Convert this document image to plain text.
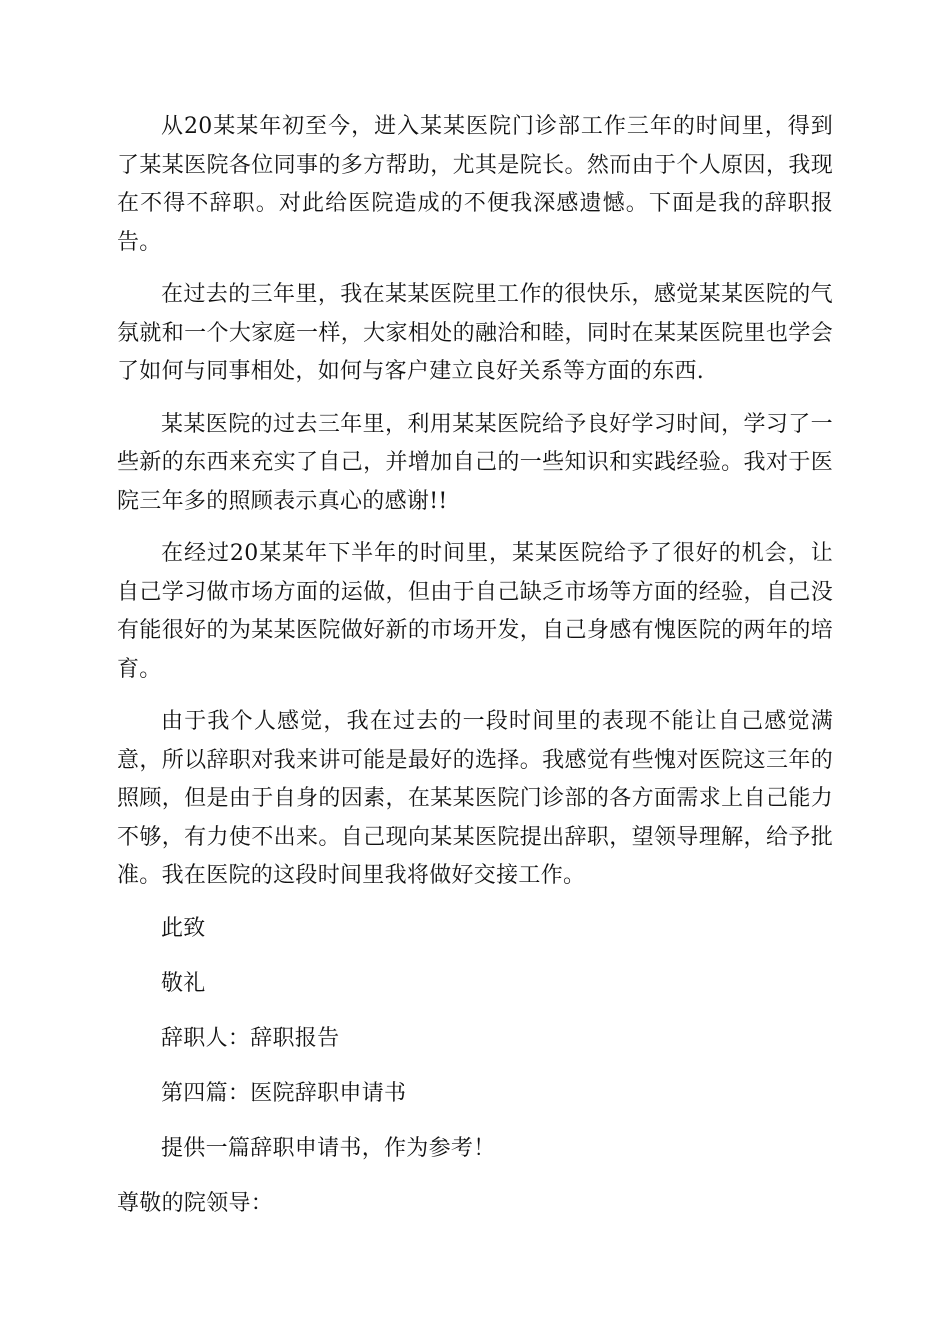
从20某某年初至今，进入某某医院门诊部工作三年的时间里，得到了某某医院各位同事的多方帮助，尤其是院长。然而由于个人原因，我现在不得不辞职。对此给医院造成的不便我深感遗憾。下面是我的辞职报告。

在过去的三年里，我在某某医院里工作的很快乐，感觉某某医院的气氛就和一个大家庭一样，大家相处的融洽和睦，同时在某某医院里也学会了如何与同事相处，如何与客户建立良好关系等方面的东西.

某某医院的过去三年里，利用某某医院给予良好学习时间，学习了一些新的东西来充实了自己，并增加自己的一些知识和实践经验。我对于医院三年多的照顾表示真心的感谢!!

在经过20某某年下半年的时间里，某某医院给予了很好的机会，让自己学习做市场方面的运做，但由于自己缺乏市场等方面的经验，自己没有能很好的为某某医院做好新的市场开发，自己身感有愧医院的两年的培育。

由于我个人感觉，我在过去的一段时间里的表现不能让自己感觉满意，所以辞职对我来讲可能是最好的选择。我感觉有些愧对医院这三年的照顾，但是由于自身的因素，在某某医院门诊部的各方面需求上自己能力不够，有力使不出来。自己现向某某医院提出辞职，望领导理解，给予批准。我在医院的这段时间里我将做好交接工作。

此致

敬礼

辞职人：辞职报告

第四篇：医院辞职申请书

提供一篇辞职申请书，作为参考！

尊敬的院领导：
